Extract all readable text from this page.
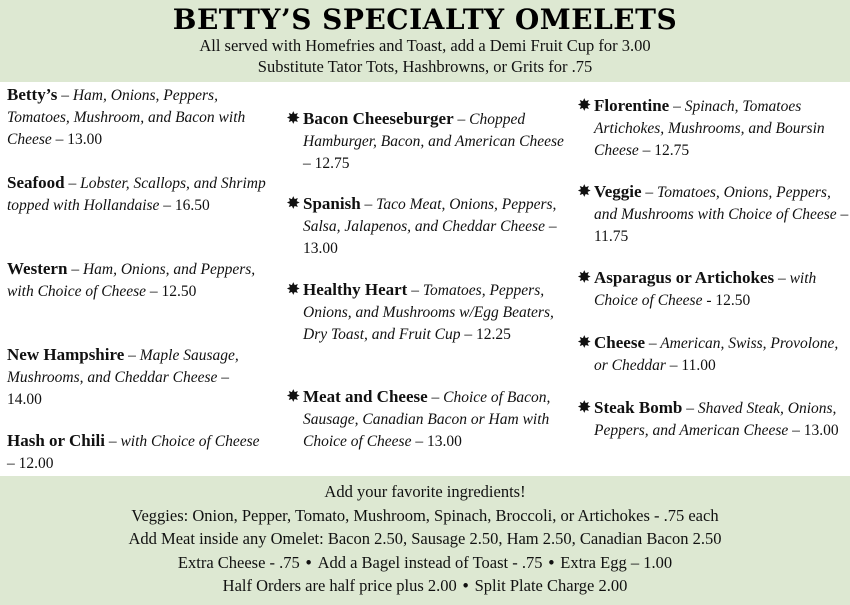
BETTY’S SPECIALTY OMELETS
All served with Homefries and Toast, add a Demi Fruit Cup for 3.00
Substitute Tator Tots, Hashbrowns, or Grits for .75
Betty’s – Ham, Onions, Peppers, Tomatoes, Mushroom, and Bacon with Cheese – 13.00
Seafood – Lobster, Scallops, and Shrimp topped with Hollandaise – 16.50
Western – Ham, Onions, and Peppers, with Choice of Cheese – 12.50
New Hampshire – Maple Sausage, Mushrooms, and Cheddar Cheese – 14.00
Hash or Chili – with Choice of Cheese – 12.00
✸ Bacon Cheeseburger – Chopped Hamburger, Bacon, and American Cheese – 12.75
✸ Spanish – Taco Meat, Onions, Peppers, Salsa, Jalapenos, and Cheddar Cheese – 13.00
✸ Healthy Heart – Tomatoes, Peppers, Onions, and Mushrooms w/Egg Beaters, Dry Toast, and Fruit Cup – 12.25
✸ Meat and Cheese – Choice of Bacon, Sausage, Canadian Bacon or Ham with Choice of Cheese – 13.00
✸ Florentine – Spinach, Tomatoes Artichokes, Mushrooms, and Boursin Cheese – 12.75
✸ Veggie – Tomatoes, Onions, Peppers, and Mushrooms with Choice of Cheese – 11.75
✸ Asparagus or Artichokes – with Choice of Cheese - 12.50
✸ Cheese – American, Swiss, Provolone, or Cheddar – 11.00
✸ Steak Bomb – Shaved Steak, Onions, Peppers, and American Cheese – 13.00
Add your favorite ingredients!
Veggies: Onion, Pepper, Tomato, Mushroom, Spinach, Broccoli, or Artichokes - .75 each
Add Meat inside any Omelet: Bacon 2.50, Sausage 2.50, Ham 2.50, Canadian Bacon 2.50
Extra Cheese - .75 • Add a Bagel instead of Toast - .75 • Extra Egg – 1.00
Half Orders are half price plus 2.00 • Split Plate Charge 2.00
